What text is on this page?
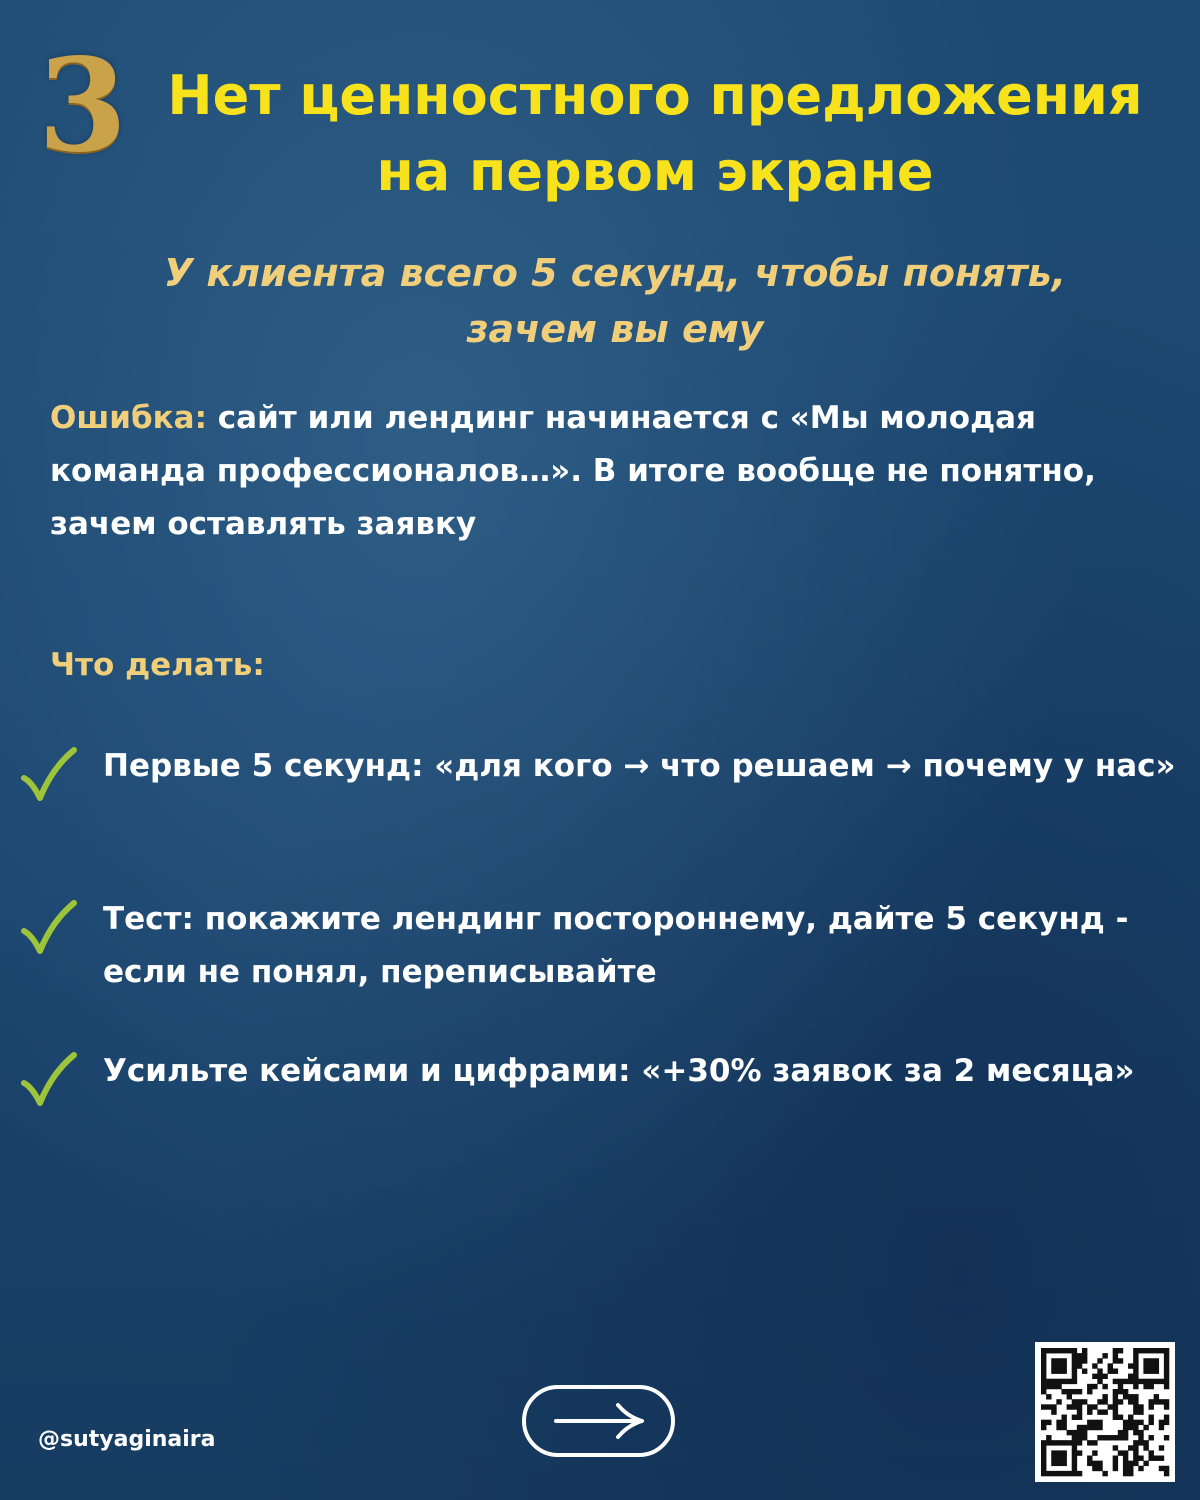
3 Нет ценностного предложения
на первом экране
У клиента всего 5 секунд, чтобы понять,
зачем вы ему
Ошибка: сайт или лендинг начинается с «Мы молодая команда профессионалов…». В итоге вообще не понятно, зачем оставлять заявку
Что делать:
Первые 5 секунд: «для кого → что решаем → почему у нас»
Тест: покажите лендинг постороннему, дайте 5 секунд - если не понял, переписывайте
Усильте кейсами и цифрами: «+30% заявок за 2 месяца»
@sutyaginaira
